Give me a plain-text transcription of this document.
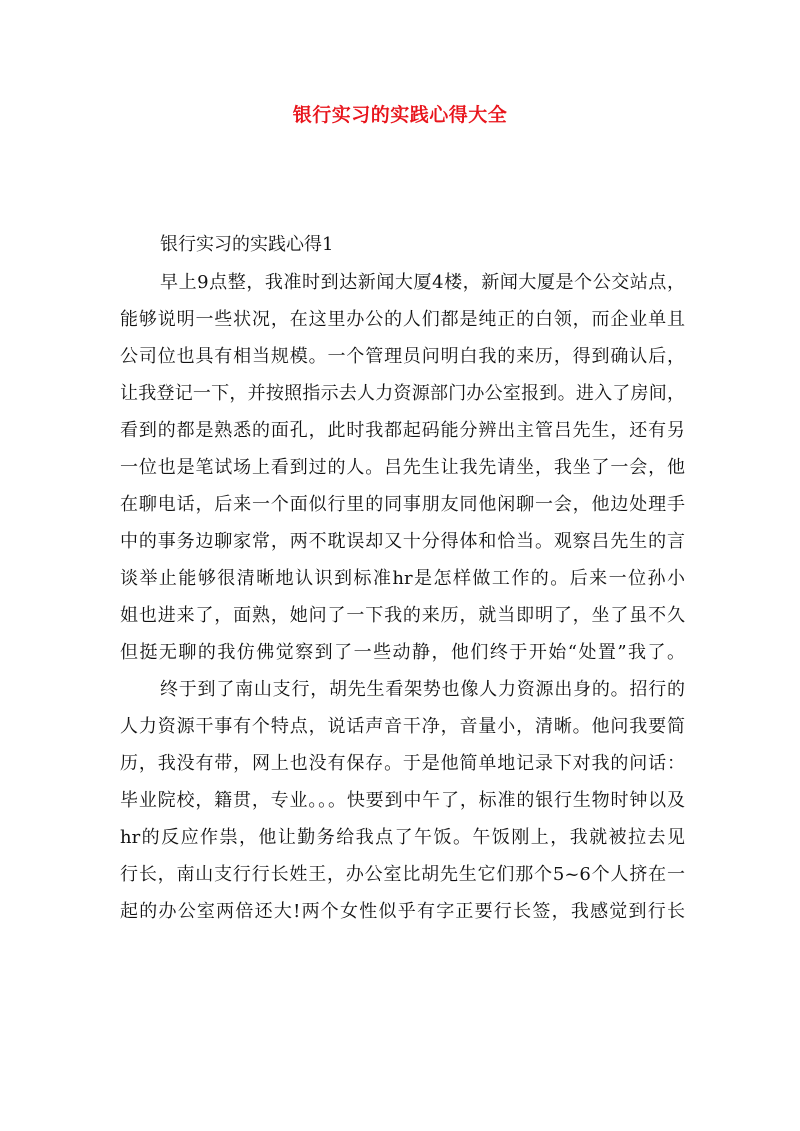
银行实习的实践心得大全
银行实习的实践心得1
早上9点整，我准时到达新闻大厦4楼，新闻大厦是个公交站点，
能够说明一些状况，在这里办公的人们都是纯正的白领，而企业单且
公司位也具有相当规模。一个管理员问明白我的来历，得到确认后，
让我登记一下，并按照指示去人力资源部门办公室报到。进入了房间，
看到的都是熟悉的面孔，此时我都起码能分辨出主管吕先生，还有另
一位也是笔试场上看到过的人。吕先生让我先请坐，我坐了一会，他
在聊电话，后来一个面似行里的同事朋友同他闲聊一会，他边处理手
中的事务边聊家常，两不耽误却又十分得体和恰当。观察吕先生的言
谈举止能够很清晰地认识到标准hr是怎样做工作的。后来一位孙小
姐也进来了，面熟，她问了一下我的来历，就当即明了，坐了虽不久
但挺无聊的我仿佛觉察到了一些动静，他们终于开始“处置”我了。
终于到了南山支行，胡先生看架势也像人力资源出身的。招行的
人力资源干事有个特点，说话声音干净，音量小，清晰。他问我要简
历，我没有带，网上也没有保存。于是他简单地记录下对我的问话：
毕业院校，籍贯，专业。。。快要到中午了，标准的银行生物时钟以及
hr的反应作祟，他让勤务给我点了午饭。午饭刚上，我就被拉去见
行长，南山支行行长姓王，办公室比胡先生它们那个5~6个人挤在一
起的办公室两倍还大!两个女性似乎有字正要行长签，我感觉到行长
